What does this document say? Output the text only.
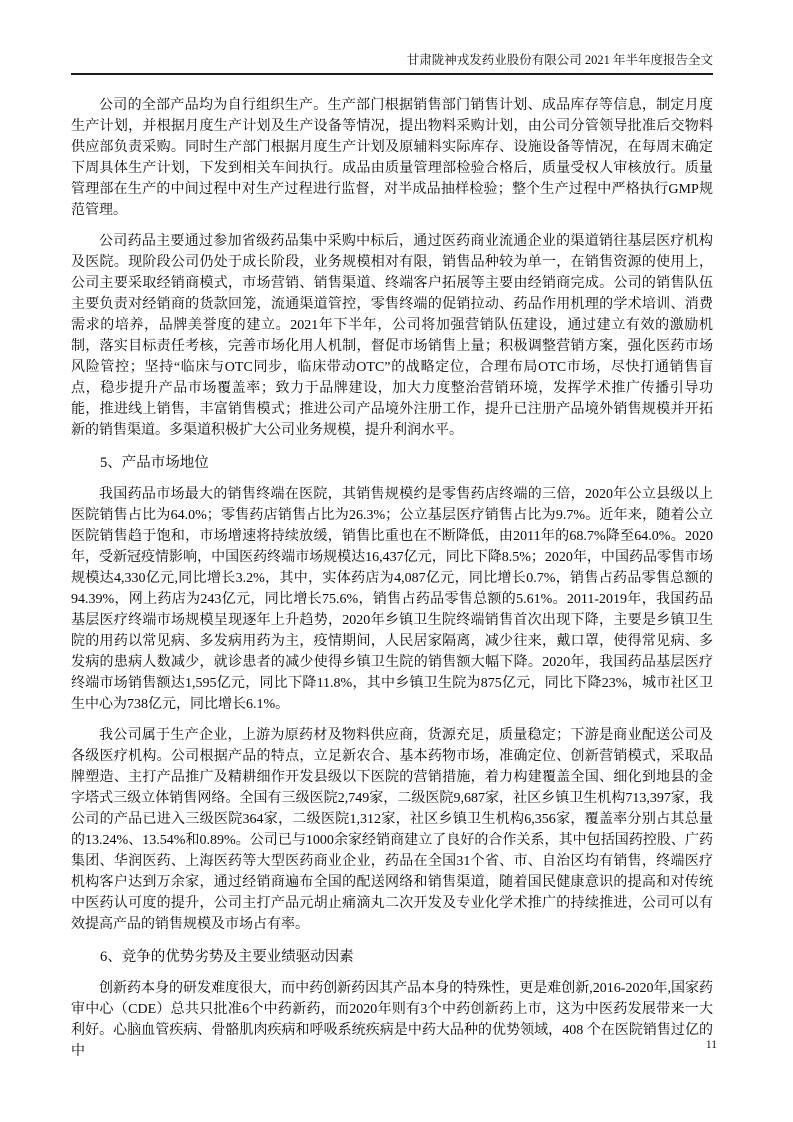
甘肃陇神戎发药业股份有限公司 2021 年半年度报告全文

公司的全部产品均为自行组织生产。生产部门根据销售部门销售计划、成品库存等信息，制定月度生产计划，并根据月度生产计划及生产设备等情况，提出物料采购计划，由公司分管领导批准后交物料供应部负责采购。同时生产部门根据月度生产计划及原辅料实际库存、设施设备等情况，在每周末确定下周具体生产计划，下发到相关车间执行。成品由质量管理部检验合格后，质量受权人审核放行。质量管理部在生产的中间过程中对生产过程进行监督，对半成品抽样检验；整个生产过程中严格执行GMP规范管理。

公司药品主要通过参加省级药品集中采购中标后，通过医药商业流通企业的渠道销往基层医疗机构及医院。现阶段公司仍处于成长阶段，业务规模相对有限，销售品种较为单一，在销售资源的使用上，公司主要采取经销商模式，市场营销、销售渠道、终端客户拓展等主要由经销商完成。公司的销售队伍主要负责对经销商的货款回笼，流通渠道管控，零售终端的促销拉动、药品作用机理的学术培训、消费需求的培养，品牌美誉度的建立。2021年下半年，公司将加强营销队伍建设，通过建立有效的激励机制，落实目标责任考核，完善市场化用人机制，督促市场销售上量；积极调整营销方案，强化医药市场风险管控；坚持“临床与OTC同步，临床带动OTC”的战略定位，合理布局OTC市场，尽快打通销售盲点，稳步提升产品市场覆盖率；致力于品牌建设，加大力度整治营销环境，发挥学术推广传播引导功能，推进线上销售，丰富销售模式；推进公司产品境外注册工作，提升已注册产品境外销售规模并开拓新的销售渠道。多渠道积极扩大公司业务规模，提升利润水平。

5、产品市场地位

我国药品市场最大的销售终端在医院，其销售规模约是零售药店终端的三倍，2020年公立县级以上医院销售占比为64.0%；零售药店销售占比为26.3%；公立基层医疗销售占比为9.7%。近年来，随着公立医院销售趋于饱和，市场增速将持续放缓，销售比重也在不断降低，由2011年的68.7%降至64.0%。2020年，受新冠疫情影响，中国医药终端市场规模达16,437亿元，同比下降8.5%；2020年，中国药品零售市场规模达4,330亿元,同比增长3.2%，其中，实体药店为4,087亿元，同比增长0.7%，销售占药品零售总额的94.39%，网上药店为243亿元，同比增长75.6%，销售占药品零售总额的5.61%。2011-2019年，我国药品基层医疗终端市场规模呈现逐年上升趋势，2020年乡镇卫生院终端销售首次出现下降，主要是乡镇卫生院的用药以常见病、多发病用药为主，疫情期间，人民居家隔离，减少往来，戴口罩，使得常见病、多发病的患病人数减少，就诊患者的减少使得乡镇卫生院的销售额大幅下降。2020年，我国药品基层医疗终端市场销售额达1,595亿元，同比下降11.8%，其中乡镇卫生院为875亿元，同比下降23%，城市社区卫生中心为738亿元，同比增长6.1%。

我公司属于生产企业，上游为原药材及物料供应商，货源充足，质量稳定；下游是商业配送公司及各级医疗机构。公司根据产品的特点，立足新农合、基本药物市场，准确定位、创新营销模式，采取品牌塑造、主打产品推广及精耕细作开发县级以下医院的营销措施，着力构建覆盖全国、细化到地县的金字塔式三级立体销售网络。全国有三级医院2,749家，二级医院9,687家，社区乡镇卫生机构713,397家，我公司的产品已进入三级医院364家，二级医院1,312家，社区乡镇卫生机构6,356家，覆盖率分别占其总量的13.24%、13.54%和0.89%。公司已与1000余家经销商建立了良好的合作关系，其中包括国药控股、广药集团、华润医药、上海医药等大型医药商业企业，药品在全国31个省、市、自治区均有销售，终端医疗机构客户达到万余家，通过经销商遍布全国的配送网络和销售渠道，随着国民健康意识的提高和对传统中医药认可度的提升，公司主打产品元胡止痛滴丸二次开发及专业化学术推广的持续推进，公司可以有效提高产品的销售规模及市场占有率。

6、竞争的优势劣势及主要业绩驱动因素

创新药本身的研发难度很大，而中药创新药因其产品本身的特殊性，更是难创新,2016-2020年,国家药审中心（CDE）总共只批准6个中药新药，而2020年则有3个中药创新药上市，这为中医药发展带来一大利好。心脑血管疾病、骨骼肌肉疾病和呼吸系统疾病是中药大品种的优势领域，408 个在医院销售过亿的中	11
